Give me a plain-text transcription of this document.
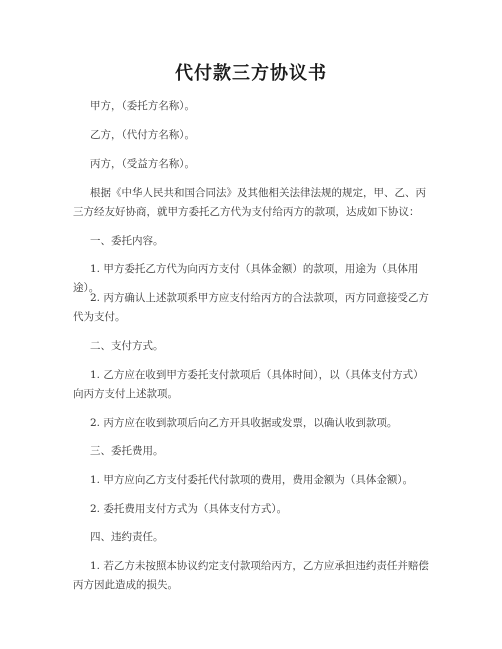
代付款三方协议书

甲方，（委托方名称）。

乙方，（代付方名称）。

丙方，（受益方名称）。

根据《中华人民共和国合同法》及其他相关法律法规的规定，甲、乙、丙三方经友好协商，就甲方委托乙方代为支付给丙方的款项，达成如下协议：

一、委托内容。

1. 甲方委托乙方代为向丙方支付（具体金额）的款项，用途为（具体用途）。

2. 丙方确认上述款项系甲方应支付给丙方的合法款项，丙方同意接受乙方代为支付。

二、支付方式。

1. 乙方应在收到甲方委托支付款项后（具体时间），以（具体支付方式）向丙方支付上述款项。

2. 丙方应在收到款项后向乙方开具收据或发票，以确认收到款项。

三、委托费用。

1. 甲方应向乙方支付委托代付款项的费用，费用金额为（具体金额）。

2. 委托费用支付方式为（具体支付方式）。

四、违约责任。

1. 若乙方未按照本协议约定支付款项给丙方，乙方应承担违约责任并赔偿丙方因此造成的损失。
